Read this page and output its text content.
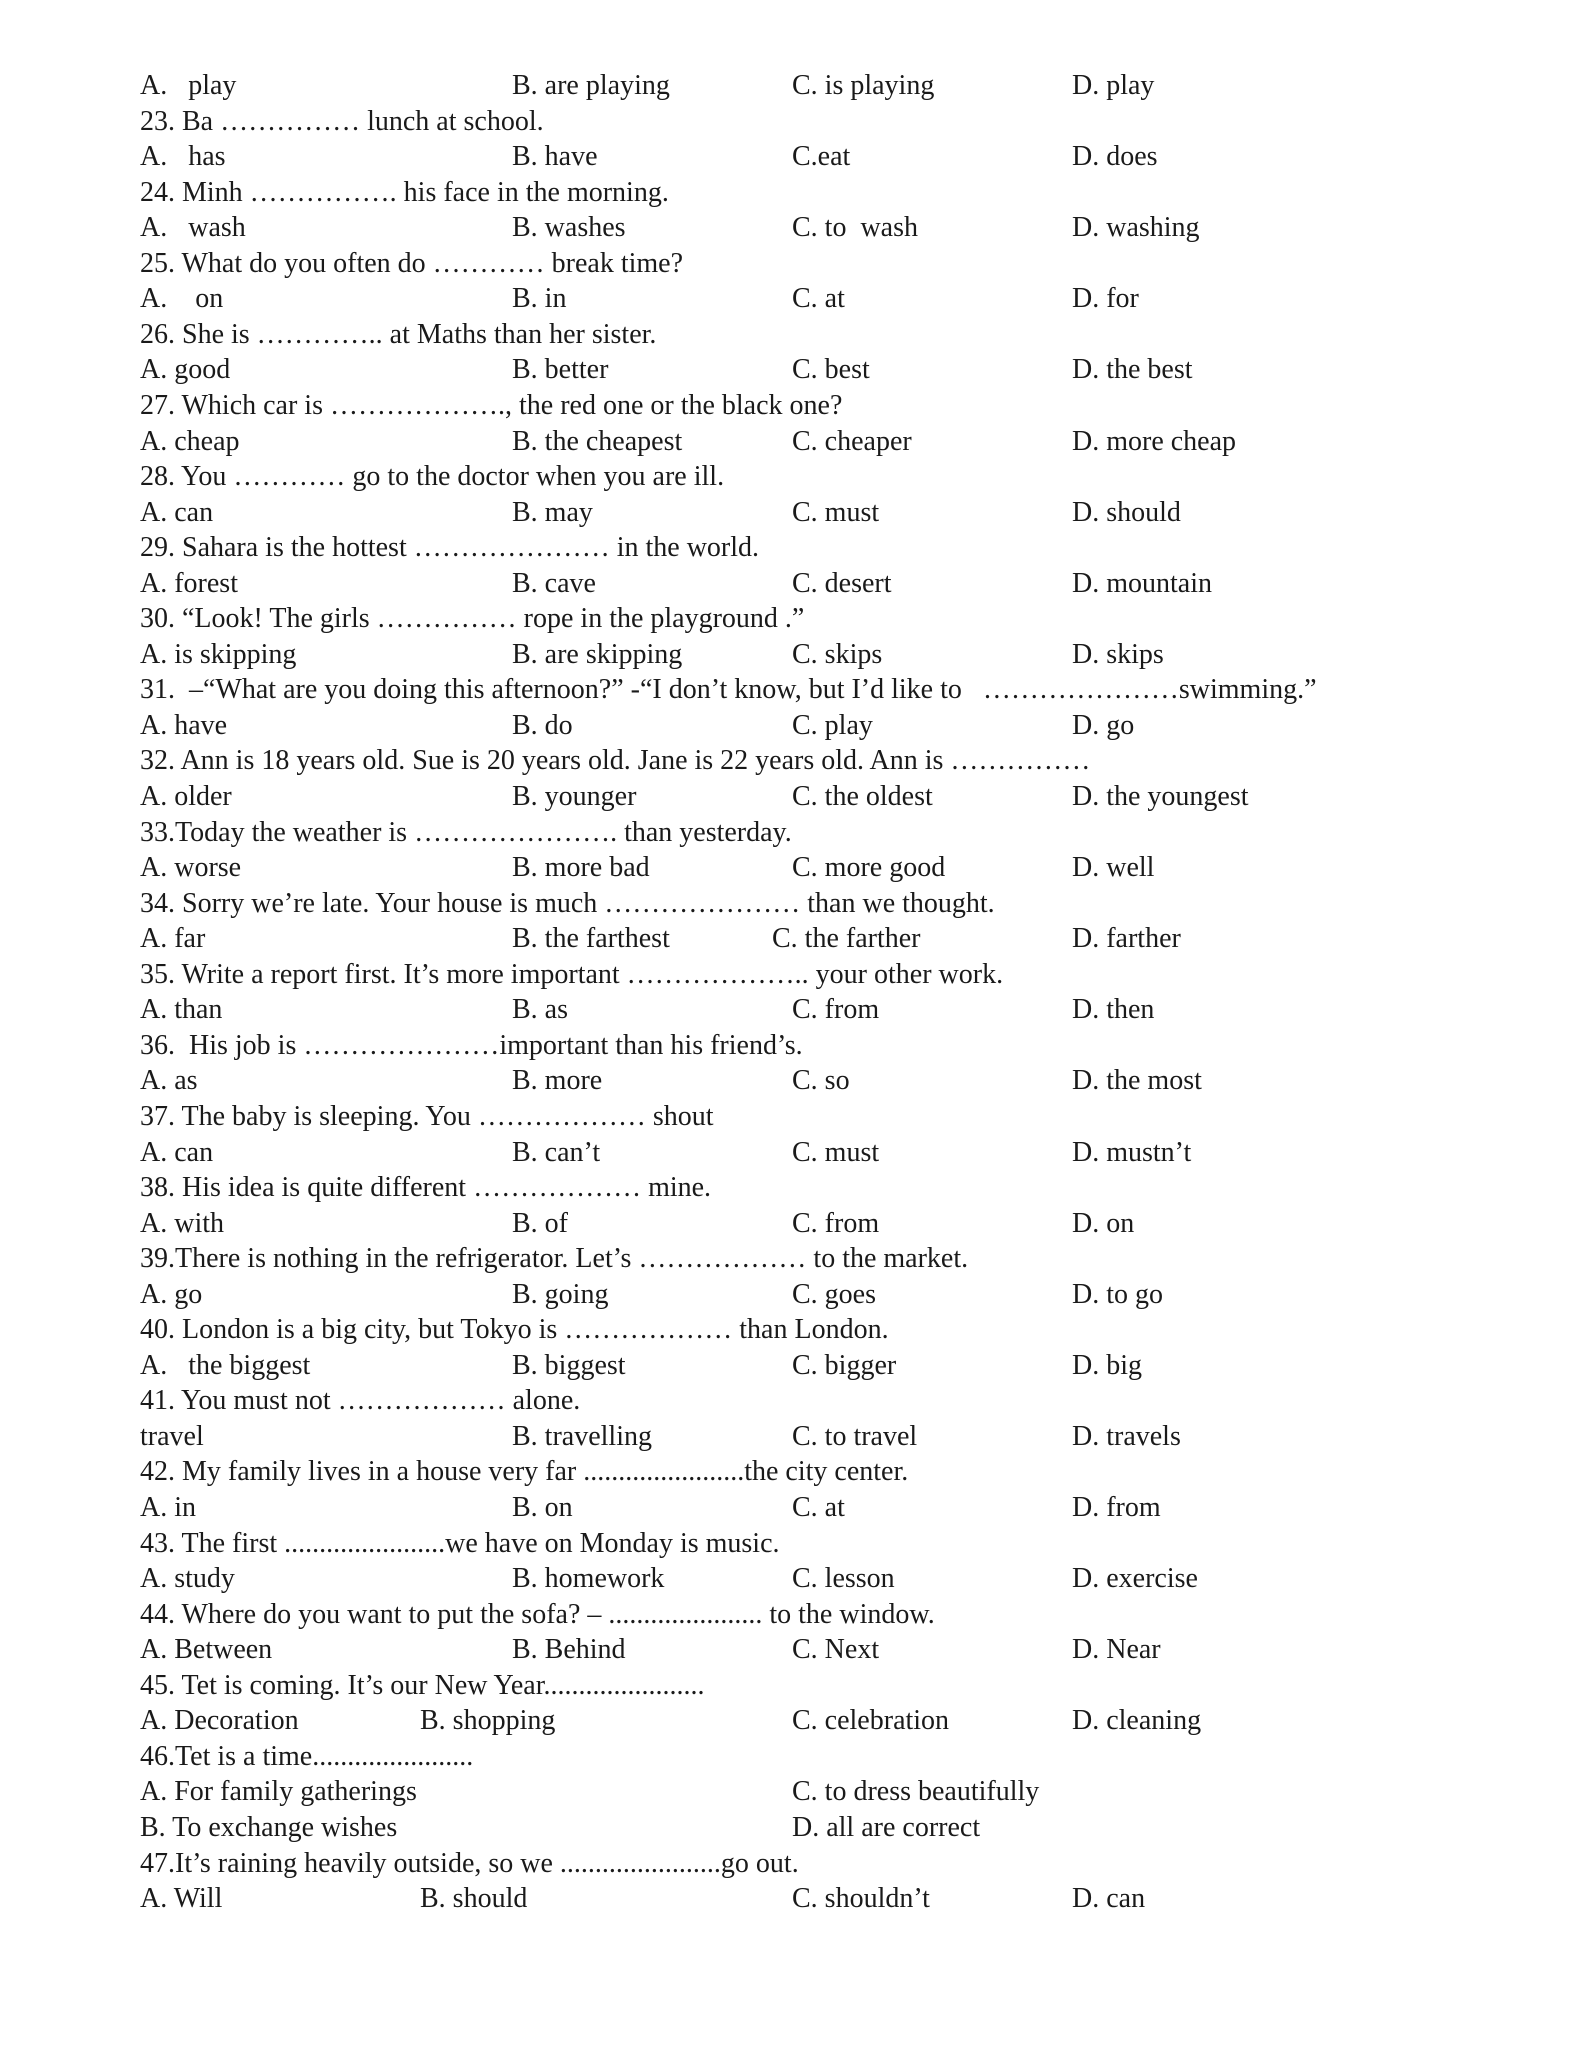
A.   play	B. are playing	C. is playing	D. play
23. Ba …………… lunch at school.
A.   has	B. have	C.eat	D. does
24. Minh ……………. his face in the morning.
A.   wash	B. washes	C. to  wash	D. washing
25. What do you often do ………… break time?
A.    on	B. in	C. at	D. for
26. She is ………….. at Maths than her sister.
A. good	B. better	C. best	D. the best
27. Which car is ………………., the red one or the black one?
A. cheap	B. the cheapest	C. cheaper	D. more cheap
28. You ………… go to the doctor when you are ill.
A. can	B. may	C. must	D. should
29. Sahara is the hottest ………………… in the world.
A. forest	B. cave	C. desert	D. mountain
30. “Look! The girls …………… rope in the playground .”
A. is skipping	B. are skipping	C. skips	D. skips
31.  –“What are you doing this afternoon?” -“I don’t know, but I’d like to   …………………swimming.”
A. have	B. do	C. play	D. go
32. Ann is 18 years old. Sue is 20 years old. Jane is 22 years old. Ann is ……………
A. older	B. younger	C. the oldest	D. the youngest
33.Today the weather is …………………. than yesterday.
A. worse	B. more bad	C. more good	D. well
34. Sorry we’re late. Your house is much ………………… than we thought.
A. far	B. the farthest	C. the farther	D. farther
35. Write a report first. It’s more important ……………….. your other work.
A. than	B. as	C. from	D. then
36.  His job is …………………important than his friend’s.
A. as	B. more	C. so	D. the most
37. The baby is sleeping. You ……………… shout
A. can	B. can’t	C. must	D. mustn’t
38. His idea is quite different ……………… mine.
A. with	B. of	C. from	D. on
39.There is nothing in the refrigerator. Let’s ……………… to the market.
A. go	B. going	C. goes	D. to go
40. London is a big city, but Tokyo is ……………… than London.
A.   the biggest	B. biggest	C. bigger	D. big
41. You must not ……………… alone.
travel	B. travelling	C. to travel	D. travels
42. My family lives in a house very far .......................the city center.
A. in	B. on	C. at	D. from
43. The first .......................we have on Monday is music.
A. study	B. homework	C. lesson	D. exercise
44. Where do you want to put the sofa? – ...................... to the window.
A. Between	B. Behind	C. Next	D. Near
45. Tet is coming. It’s our New Year.......................
A. Decoration	B. shopping	C. celebration	D. cleaning
46.Tet is a time.......................
A. For family gatherings	C. to dress beautifully
B. To exchange wishes	D. all are correct
47.It’s raining heavily outside, so we .......................go out.
A. Will	B. should	C. shouldn’t	D. can
